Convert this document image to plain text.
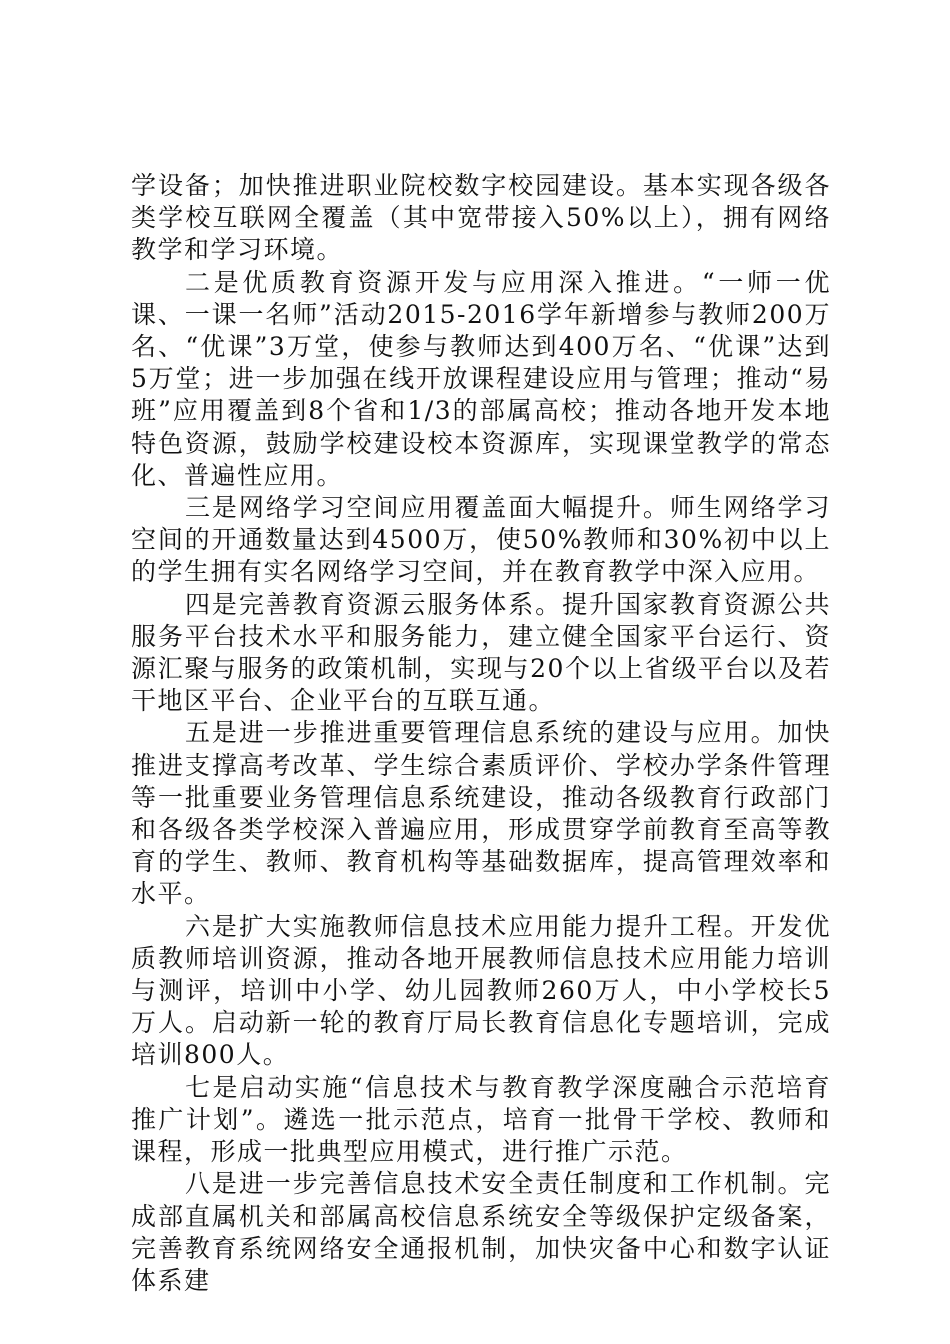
学设备；加快推进职业院校数字校园建设。基本实现各级各类学校互联网全覆盖（其中宽带接入50%以上），拥有网络教学和学习环境。

二是优质教育资源开发与应用深入推进。“一师一优课、一课一名师”活动2015-2016学年新增参与教师200万名、“优课”3万堂，使参与教师达到400万名、“优课”达到5万堂；进一步加强在线开放课程建设应用与管理；推动“易班”应用覆盖到8个省和1/3的部属高校；推动各地开发本地特色资源，鼓励学校建设校本资源库，实现课堂教学的常态化、普遍性应用。

三是网络学习空间应用覆盖面大幅提升。师生网络学习空间的开通数量达到4500万，使50%教师和30%初中以上的学生拥有实名网络学习空间，并在教育教学中深入应用。

四是完善教育资源云服务体系。提升国家教育资源公共服务平台技术水平和服务能力，建立健全国家平台运行、资源汇聚与服务的政策机制，实现与20个以上省级平台以及若干地区平台、企业平台的互联互通。

五是进一步推进重要管理信息系统的建设与应用。加快推进支撑高考改革、学生综合素质评价、学校办学条件管理等一批重要业务管理信息系统建设，推动各级教育行政部门和各级各类学校深入普遍应用，形成贯穿学前教育至高等教育的学生、教师、教育机构等基础数据库，提高管理效率和水平。

六是扩大实施教师信息技术应用能力提升工程。开发优质教师培训资源，推动各地开展教师信息技术应用能力培训与测评，培训中小学、幼儿园教师260万人，中小学校长5万人。启动新一轮的教育厅局长教育信息化专题培训，完成培训800人。

七是启动实施“信息技术与教育教学深度融合示范培育推广计划”。遴选一批示范点，培育一批骨干学校、教师和课程，形成一批典型应用模式，进行推广示范。

八是进一步完善信息技术安全责任制度和工作机制。完成部直属机关和部属高校信息系统安全等级保护定级备案，完善教育系统网络安全通报机制，加快灾备中心和数字认证体系建
